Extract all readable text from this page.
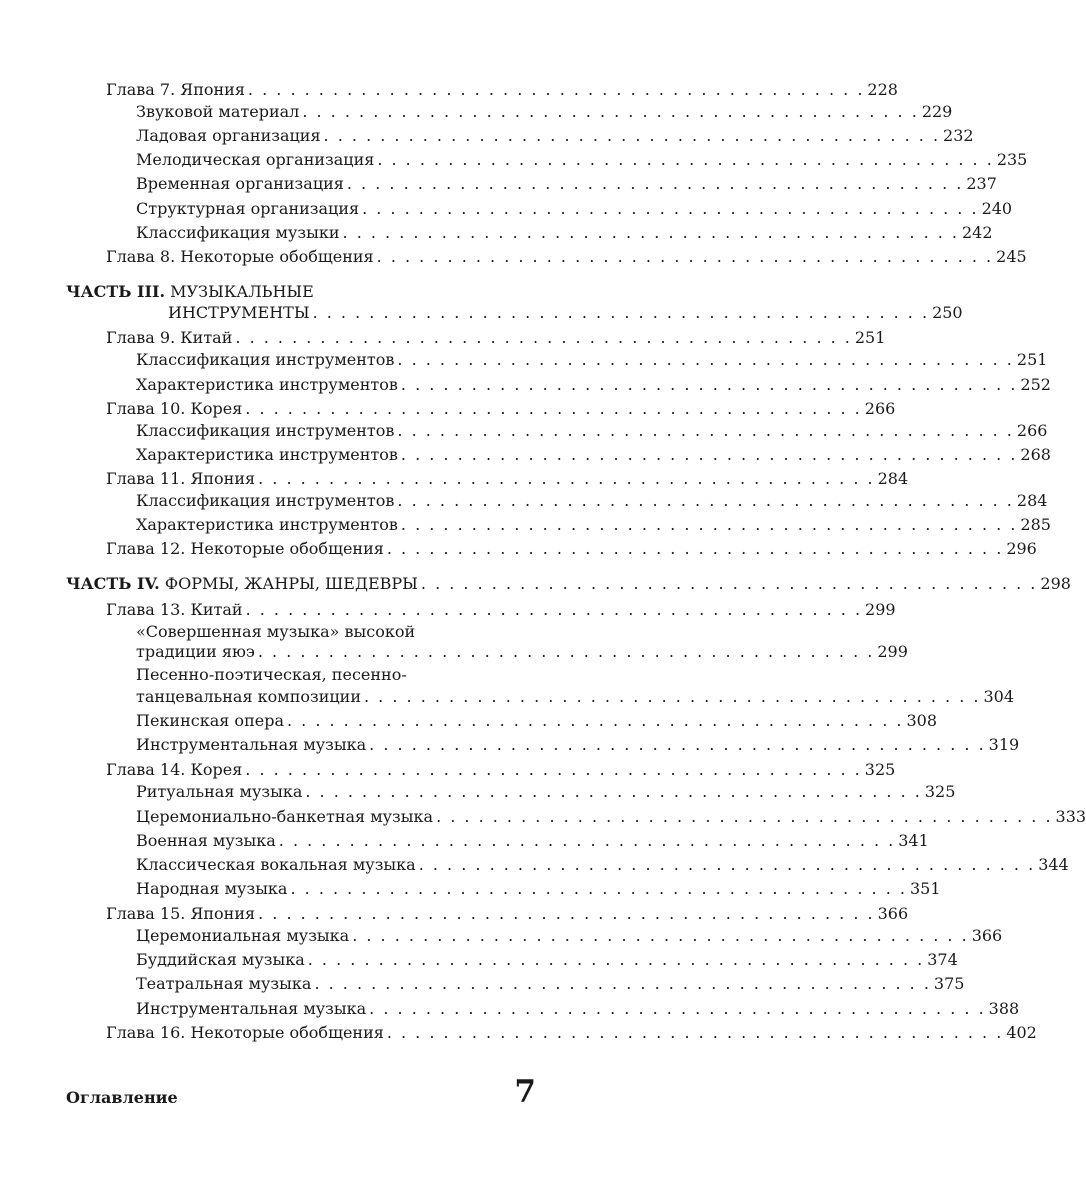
Глава 7. Япония . . . . . . . . . . . . . . . . . . . . . . . . . . . . . . . . . . . . . . . . . . . . 228
Звуковой материал . . . . . . . . . . . . . . . . . . . . . . . . . . . . . . . . . . . . . . . . . . . . 229
Ладовая организация . . . . . . . . . . . . . . . . . . . . . . . . . . . . . . . . . . . . . . . . . . . . 232
Мелодическая организация . . . . . . . . . . . . . . . . . . . . . . . . . . . . . . . . . . . . . . . . . . . . 235
Временная организация . . . . . . . . . . . . . . . . . . . . . . . . . . . . . . . . . . . . . . . . . . . . 237
Структурная организация . . . . . . . . . . . . . . . . . . . . . . . . . . . . . . . . . . . . . . . . . . . . 240
Классификация музыки . . . . . . . . . . . . . . . . . . . . . . . . . . . . . . . . . . . . . . . . . . . . 242
Глава 8. Некоторые обобщения . . . . . . . . . . . . . . . . . . . . . . . . . . . . . . . . . . . . . . . . . . . . 245
ЧАСТЬ III. МУЗЫКАЛЬНЫЕ
ИНСТРУМЕНТЫ . . . . . . . . . . . . . . . . . . . . . . . . . . . . . . . . . . . . . . . . . . . . 250
Глава 9. Китай . . . . . . . . . . . . . . . . . . . . . . . . . . . . . . . . . . . . . . . . . . . . 251
Классификация инструментов . . . . . . . . . . . . . . . . . . . . . . . . . . . . . . . . . . . . . . . . . . . . 251
Характеристика инструментов . . . . . . . . . . . . . . . . . . . . . . . . . . . . . . . . . . . . . . . . . . . . 252
Глава 10. Корея . . . . . . . . . . . . . . . . . . . . . . . . . . . . . . . . . . . . . . . . . . . . 266
Классификация инструментов . . . . . . . . . . . . . . . . . . . . . . . . . . . . . . . . . . . . . . . . . . . . 266
Характеристика инструментов . . . . . . . . . . . . . . . . . . . . . . . . . . . . . . . . . . . . . . . . . . . . 268
Глава 11. Япония . . . . . . . . . . . . . . . . . . . . . . . . . . . . . . . . . . . . . . . . . . . . 284
Классификация инструментов . . . . . . . . . . . . . . . . . . . . . . . . . . . . . . . . . . . . . . . . . . . . 284
Характеристика инструментов . . . . . . . . . . . . . . . . . . . . . . . . . . . . . . . . . . . . . . . . . . . . 285
Глава 12. Некоторые обобщения . . . . . . . . . . . . . . . . . . . . . . . . . . . . . . . . . . . . . . . . . . . . 296
ЧАСТЬ IV. ФОРМЫ, ЖАНРЫ, ШЕДЕВРЫ . . . . . . . . . . . . . . . . . . . . . . . . . . . . . . . . . . . . . . . . . . . . 298
Глава 13. Китай . . . . . . . . . . . . . . . . . . . . . . . . . . . . . . . . . . . . . . . . . . . . 299
«Совершенная музыка» высокой
традиции яюэ . . . . . . . . . . . . . . . . . . . . . . . . . . . . . . . . . . . . . . . . . . . . 299
Песенно-поэтическая, песенно-
танцевальная композиции . . . . . . . . . . . . . . . . . . . . . . . . . . . . . . . . . . . . . . . . . . . . 304
Пекинская опера . . . . . . . . . . . . . . . . . . . . . . . . . . . . . . . . . . . . . . . . . . . . 308
Инструментальная музыка . . . . . . . . . . . . . . . . . . . . . . . . . . . . . . . . . . . . . . . . . . . . 319
Глава 14. Корея . . . . . . . . . . . . . . . . . . . . . . . . . . . . . . . . . . . . . . . . . . . . 325
Ритуальная музыка . . . . . . . . . . . . . . . . . . . . . . . . . . . . . . . . . . . . . . . . . . . . 325
Церемониально-банкетная музыка . . . . . . . . . . . . . . . . . . . . . . . . . . . . . . . . . . . . . . . . . . . . 333
Военная музыка . . . . . . . . . . . . . . . . . . . . . . . . . . . . . . . . . . . . . . . . . . . . 341
Классическая вокальная музыка . . . . . . . . . . . . . . . . . . . . . . . . . . . . . . . . . . . . . . . . . . . . 344
Народная музыка . . . . . . . . . . . . . . . . . . . . . . . . . . . . . . . . . . . . . . . . . . . . 351
Глава 15. Япония . . . . . . . . . . . . . . . . . . . . . . . . . . . . . . . . . . . . . . . . . . . . 366
Церемониальная музыка . . . . . . . . . . . . . . . . . . . . . . . . . . . . . . . . . . . . . . . . . . . . 366
Буддийская музыка . . . . . . . . . . . . . . . . . . . . . . . . . . . . . . . . . . . . . . . . . . . . 374
Театральная музыка . . . . . . . . . . . . . . . . . . . . . . . . . . . . . . . . . . . . . . . . . . . . 375
Инструментальная музыка . . . . . . . . . . . . . . . . . . . . . . . . . . . . . . . . . . . . . . . . . . . . 388
Глава 16. Некоторые обобщения . . . . . . . . . . . . . . . . . . . . . . . . . . . . . . . . . . . . . . . . . . . . 402
Оглавление	7
